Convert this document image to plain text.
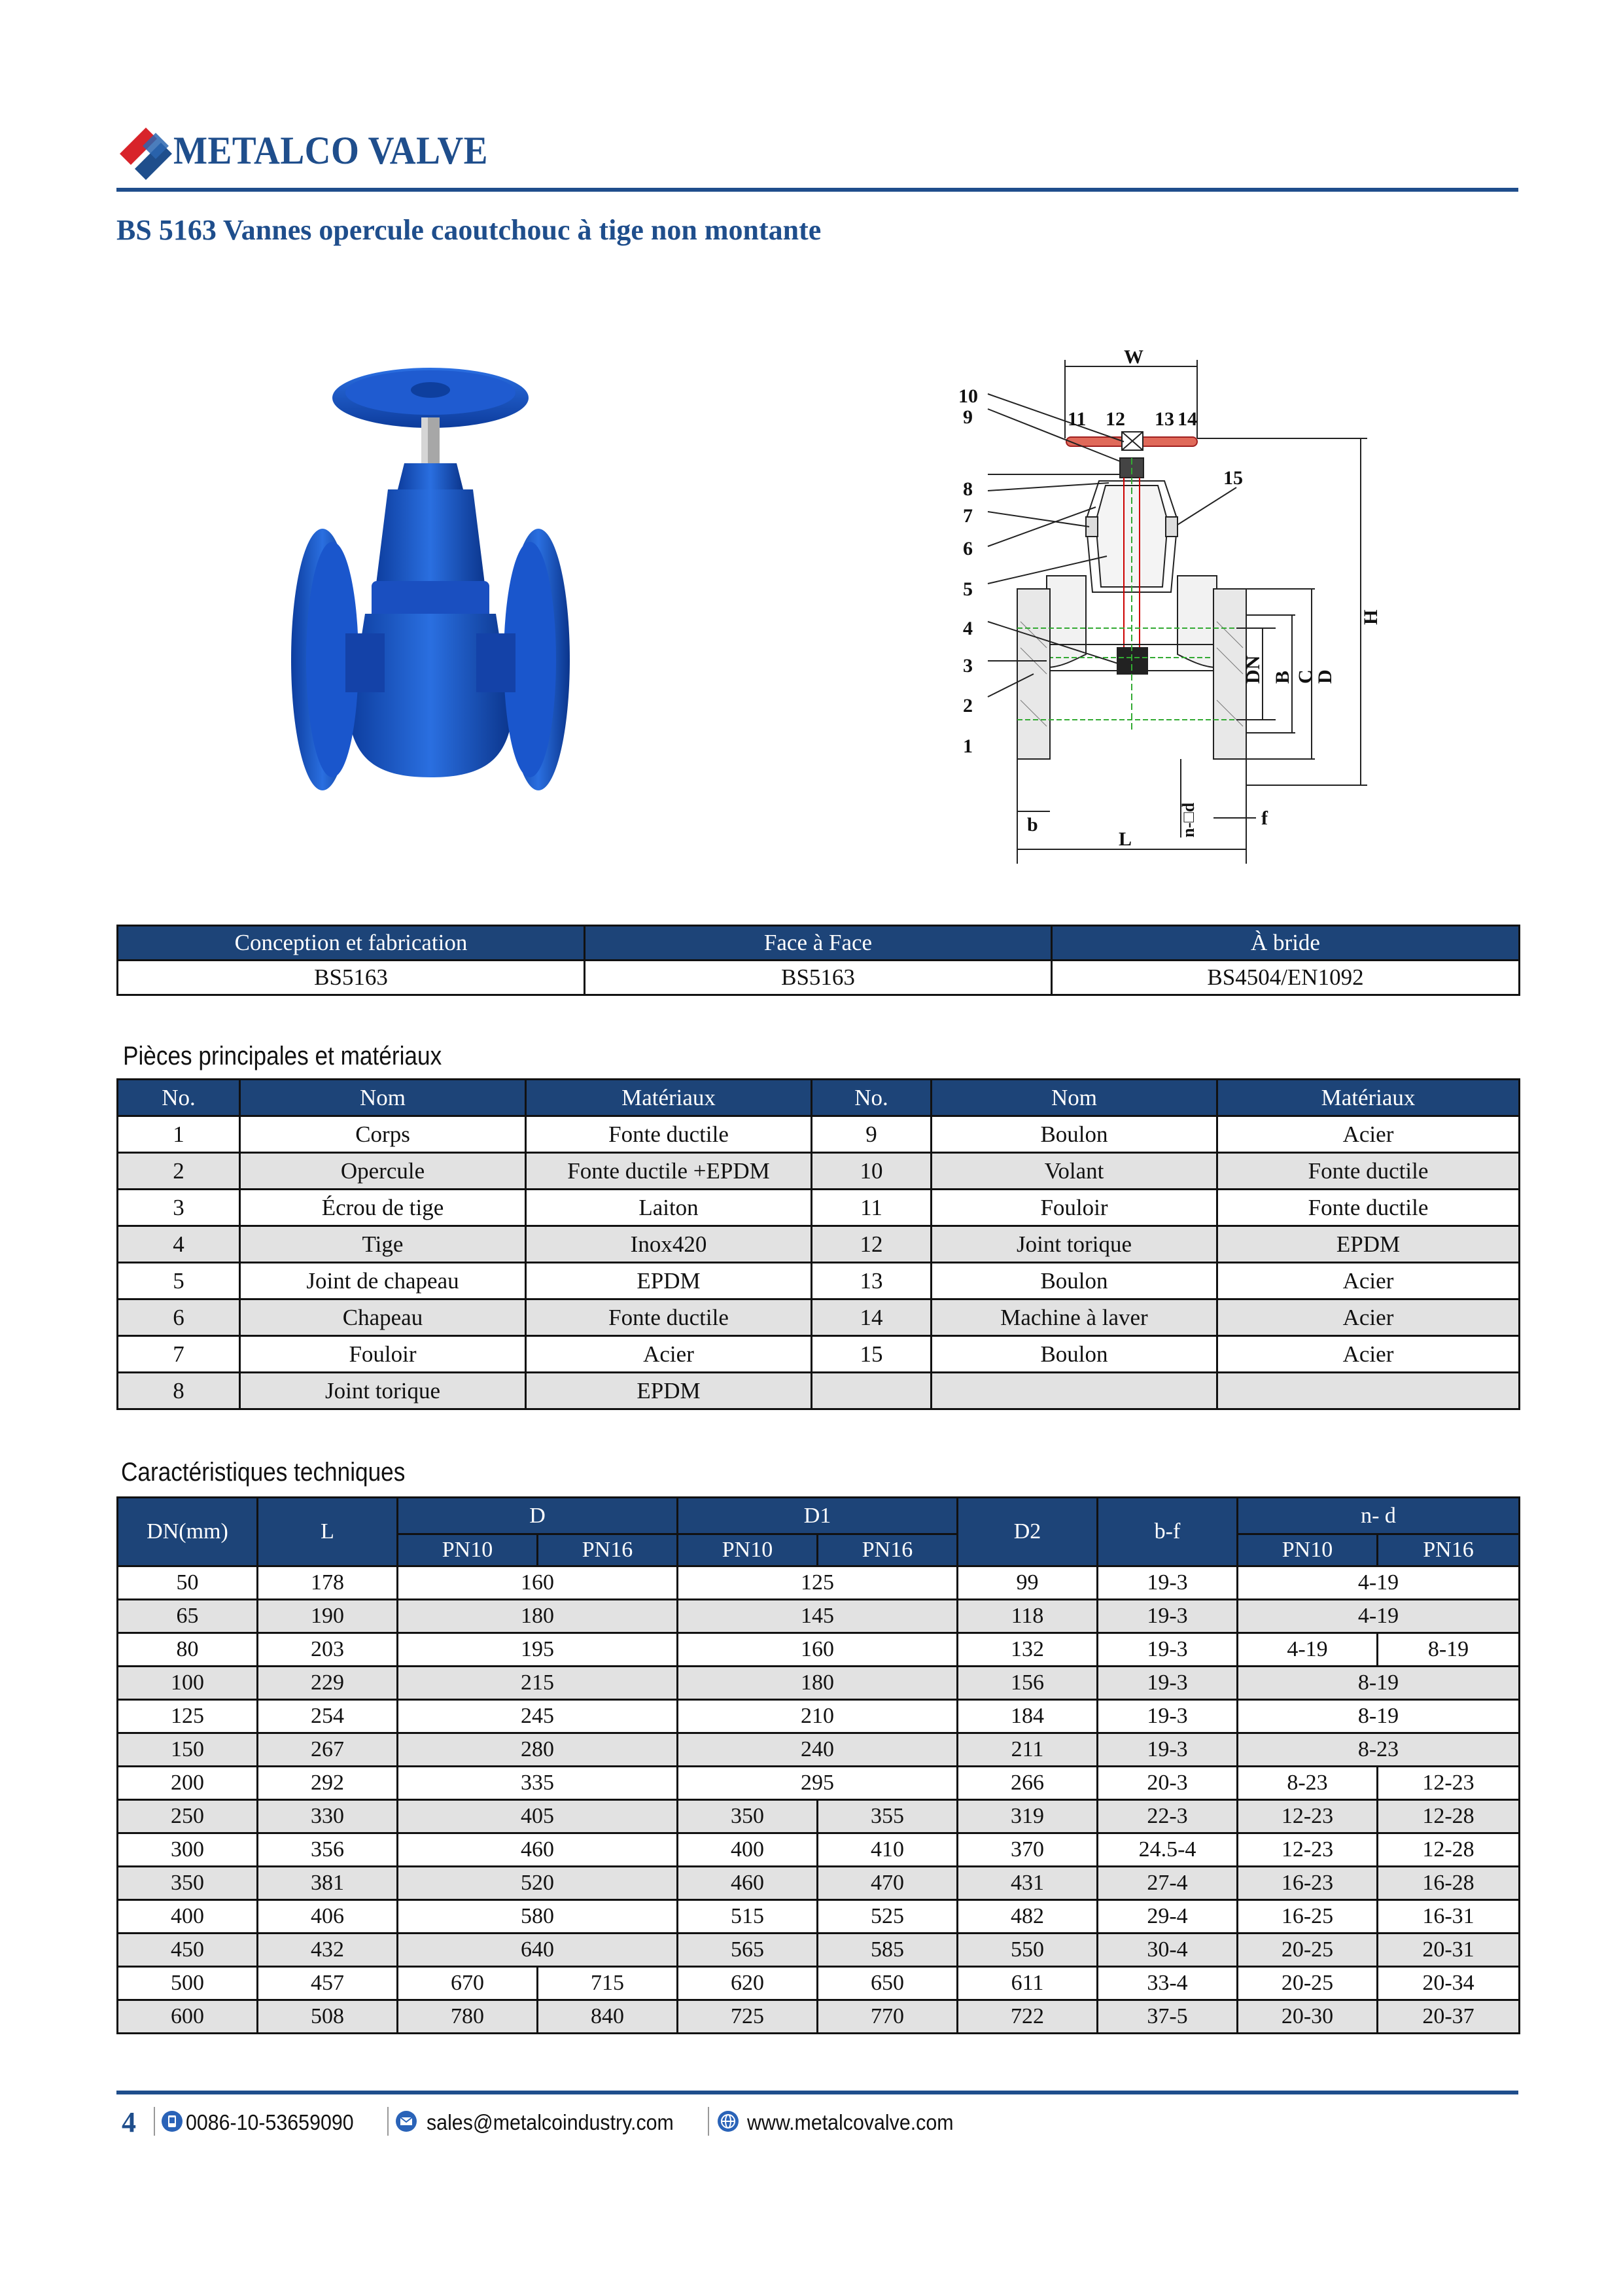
METALCO VALVE
BS 5163 Vannes opercule caoutchouc à tige non montante
W
11 12 13 14
10
9
8
7
6
5
4
3
2
1
15
DN B C
D
H
b
L
n-□d	f
Conception et fabrication	Face à Face	À bride
BS5163	BS5163	BS4504/EN1092
Pièces principales et matériaux
No.	Nom	Matériaux	No.	Nom	Matériaux
1	Corps	Fonte ductile	9	Boulon	Acier
2	Opercule	Fonte ductile +EPDM	10	Volant	Fonte ductile
3	Écrou de tige	Laiton	11	Fouloir	Fonte ductile
4	Tige	Inox420	12	Joint torique	EPDM
5	Joint de chapeau	EPDM	13	Boulon	Acier
6	Chapeau	Fonte ductile	14	Machine à laver	Acier
7	Fouloir	Acier	15	Boulon	Acier
8	Joint torique	EPDM			
Caractéristiques techniques
DN(mm)	L	D		D1		D2	b-f	n- d	
		PN10	PN16	PN10	PN16			PN10	PN16
50	178	160		125		99	19-3	4-19	
65	190	180		145		118	19-3	4-19	
80	203	195		160		132	19-3	4-19	8-19
100	229	215		180		156	19-3	8-19	
125	254	245		210		184	19-3	8-19	
150	267	280		240		211	19-3	8-23	
200	292	335		295		266	20-3	8-23	12-23
250	330	405		350	355	319	22-3	12-23	12-28
300	356	460		400	410	370	24.5-4	12-23	12-28
350	381	520		460	470	431	27-4	16-23	16-28
400	406	580		515	525	482	29-4	16-25	16-31
450	432	640		565	585	550	30-4	20-25	20-31
500	457	670	715	620	650	611	33-4	20-25	20-34
600	508	780	840	725	770	722	37-5	20-30	20-37
4 0086-10-53659090	sales@metalcoindustry.com	www.metalcovalve.com
